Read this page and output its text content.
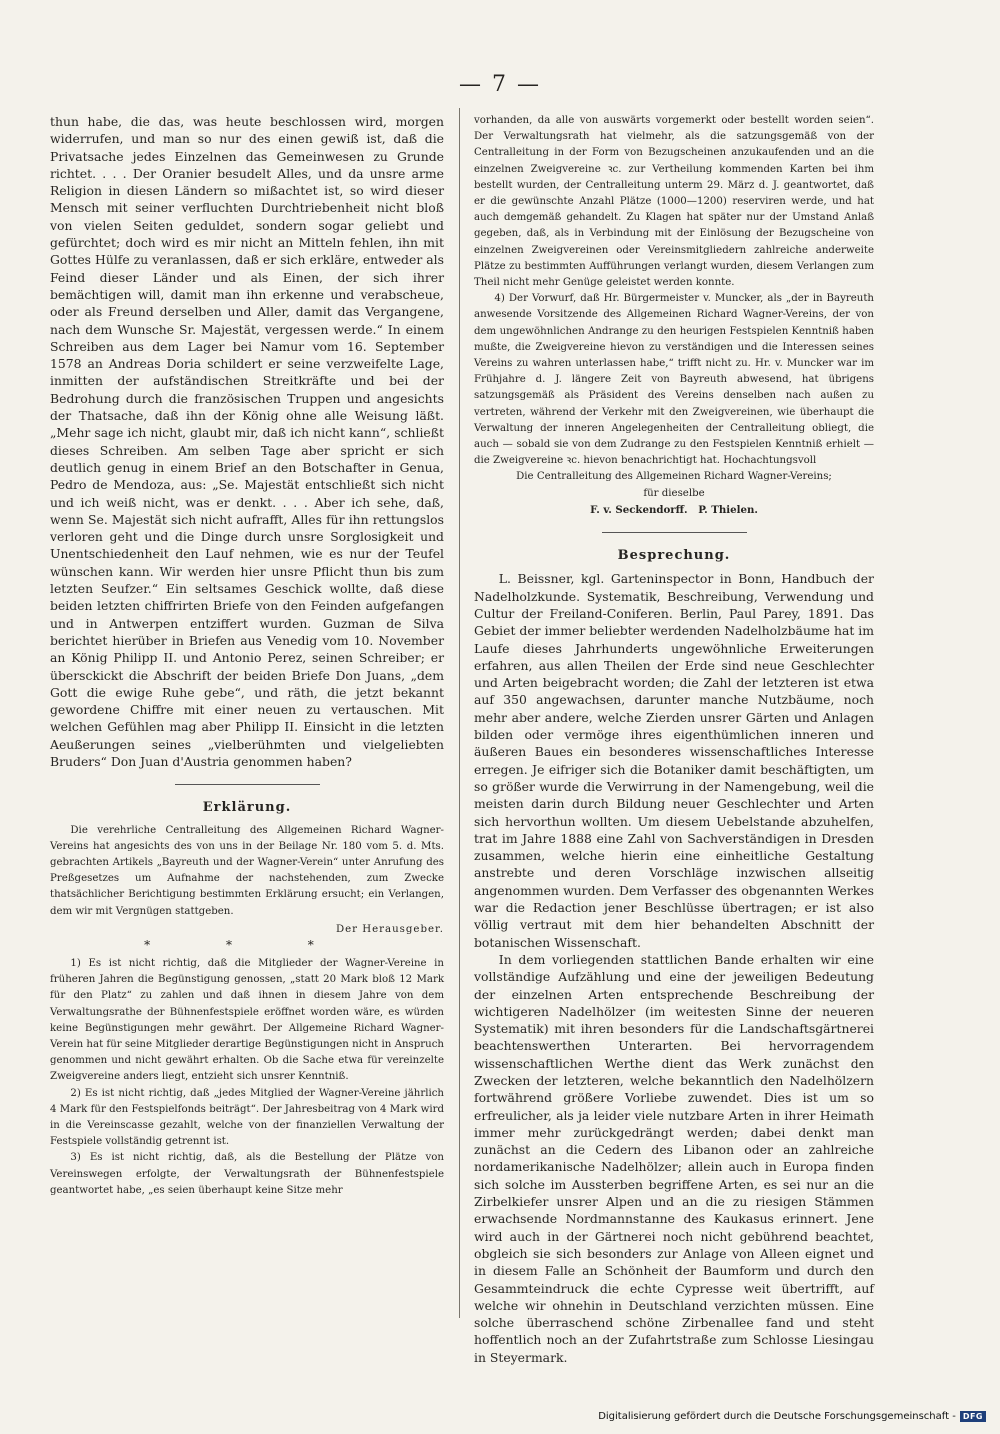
— 7 —

thun habe, die das, was heute beschlossen wird, morgen widerrufen, und man so nur des einen gewiß ist, daß die Privatsache jedes Einzelnen das Gemeinwesen zu Grunde richtet. . . . Der Oranier besudelt Alles, und da unsre arme Religion in diesen Ländern so mißachtet ist, so wird dieser Mensch mit seiner verfluchten Durchtriebenheit nicht bloß von vielen Seiten geduldet, sondern sogar geliebt und gefürchtet; doch wird es mir nicht an Mitteln fehlen, ihn mit Gottes Hülfe zu veranlassen, daß er sich erkläre, entweder als Feind dieser Länder und als Einen, der sich ihrer bemächtigen will, damit man ihn erkenne und verabscheue, oder als Freund derselben und Aller, damit das Vergangene, nach dem Wunsche Sr. Majestät, vergessen werde.“ In einem Schreiben aus dem Lager bei Namur vom 16. September 1578 an Andreas Doria schildert er seine verzweifelte Lage, inmitten der aufständischen Streitkräfte und bei der Bedrohung durch die französischen Truppen und angesichts der Thatsache, daß ihn der König ohne alle Weisung läßt. „Mehr sage ich nicht, glaubt mir, daß ich nicht kann“, schließt dieses Schreiben. Am selben Tage aber spricht er sich deutlich genug in einem Brief an den Botschafter in Genua, Pedro de Mendoza, aus: „Se. Majestät entschließt sich nicht und ich weiß nicht, was er denkt. . . . Aber ich sehe, daß, wenn Se. Majestät sich nicht aufrafft, Alles für ihn rettungslos verloren geht und die Dinge durch unsre Sorglosigkeit und Unentschiedenheit den Lauf nehmen, wie es nur der Teufel wünschen kann. Wir werden hier unsre Pflicht thun bis zum letzten Seufzer.“ Ein seltsames Geschick wollte, daß diese beiden letzten chiffrirten Briefe von den Feinden aufgefangen und in Antwerpen entziffert wurden. Guzman de Silva berichtet hierüber in Briefen aus Venedig vom 10. November an König Philipp II. und Antonio Perez, seinen Schreiber; er übersckickt die Abschrift der beiden Briefe Don Juans, „dem Gott die ewige Ruhe gebe“, und räth, die jetzt bekannt gewordene Chiffre mit einer neuen zu vertauschen. Mit welchen Gefühlen mag aber Philipp II. Einsicht in die letzten Aeußerungen seines „vielberühmten und vielgeliebten Bruders“ Don Juan d'Austria genommen haben?

Erklärung.

Die verehrliche Centralleitung des Allgemeinen Richard Wagner-Vereins hat angesichts des von uns in der Beilage Nr. 180 vom 5. d. Mts. gebrachten Artikels „Bayreuth und der Wagner-Verein“ unter Anrufung des Preßgesetzes um Aufnahme der nachstehenden, zum Zwecke thatsächlicher Berichtigung bestimmten Erklärung ersucht; ein Verlangen, dem wir mit Vergnügen stattgeben.

Der Herausgeber.

* * *

1) Es ist nicht richtig, daß die Mitglieder der Wagner-Vereine in früheren Jahren die Begünstigung genossen, „statt 20 Mark bloß 12 Mark für den Platz“ zu zahlen und daß ihnen in diesem Jahre von dem Verwaltungsrathe der Bühnenfestspiele eröffnet worden wäre, es würden keine Begünstigungen mehr gewährt. Der Allgemeine Richard Wagner-Verein hat für seine Mitglieder derartige Begünstigungen nicht in Anspruch genommen und nicht gewährt erhalten. Ob die Sache etwa für vereinzelte Zweigvereine anders liegt, entzieht sich unsrer Kenntniß.

2) Es ist nicht richtig, daß „jedes Mitglied der Wagner-Vereine jährlich 4 Mark für den Festspielfonds beiträgt“. Der Jahresbeitrag von 4 Mark wird in die Vereinscasse gezahlt, welche von der finanziellen Verwaltung der Festspiele vollständig getrennt ist.

3) Es ist nicht richtig, daß, als die Bestellung der Plätze von Vereinswegen erfolgte, der Verwaltungsrath der Bühnenfestspiele geantwortet habe, „es seien überhaupt keine Sitze mehr

vorhanden, da alle von auswärts vorgemerkt oder bestellt worden seien“. Der Verwaltungsrath hat vielmehr, als die satzungsgemäß von der Centralleitung in der Form von Bezugscheinen anzukaufenden und an die einzelnen Zweigvereine ꝛc. zur Vertheilung kommenden Karten bei ihm bestellt wurden, der Centralleitung unterm 29. März d. J. geantwortet, daß er die gewünschte Anzahl Plätze (1000—1200) reserviren werde, und hat auch demgemäß gehandelt. Zu Klagen hat später nur der Umstand Anlaß gegeben, daß, als in Verbindung mit der Einlösung der Bezugscheine von einzelnen Zweigvereinen oder Vereinsmitgliedern zahlreiche anderweite Plätze zu bestimmten Aufführungen verlangt wurden, diesem Verlangen zum Theil nicht mehr Genüge geleistet werden konnte.

4) Der Vorwurf, daß Hr. Bürgermeister v. Muncker, als „der in Bayreuth anwesende Vorsitzende des Allgemeinen Richard Wagner-Vereins, der von dem ungewöhnlichen Andrange zu den heurigen Festspielen Kenntniß haben mußte, die Zweigvereine hievon zu verständigen und die Interessen seines Vereins zu wahren unterlassen habe,“ trifft nicht zu. Hr. v. Muncker war im Frühjahre d. J. längere Zeit von Bayreuth abwesend, hat übrigens satzungsgemäß als Präsident des Vereins denselben nach außen zu vertreten, während der Verkehr mit den Zweigvereinen, wie überhaupt die Verwaltung der inneren Angelegenheiten der Centralleitung obliegt, die auch — sobald sie von dem Zudrange zu den Festspielen Kenntniß erhielt — die Zweigvereine ꝛc. hievon benachrichtigt hat. Hochachtungsvoll

Die Centralleitung des Allgemeinen Richard Wagner-Vereins;

für dieselbe

F. v. Seckendorff.   P. Thielen.

Besprechung.

L. Beissner, kgl. Garteninspector in Bonn, Handbuch der Nadelholzkunde. Systematik, Beschreibung, Verwendung und Cultur der Freiland-Coniferen. Berlin, Paul Parey, 1891. Das Gebiet der immer beliebter werdenden Nadelholzbäume hat im Laufe dieses Jahrhunderts ungewöhnliche Erweiterungen erfahren, aus allen Theilen der Erde sind neue Geschlechter und Arten beigebracht worden; die Zahl der letzteren ist etwa auf 350 angewachsen, darunter manche Nutzbäume, noch mehr aber andere, welche Zierden unsrer Gärten und Anlagen bilden oder vermöge ihres eigenthümlichen inneren und äußeren Baues ein besonderes wissenschaftliches Interesse erregen. Je eifriger sich die Botaniker damit beschäftigten, um so größer wurde die Verwirrung in der Namengebung, weil die meisten darin durch Bildung neuer Geschlechter und Arten sich hervorthun wollten. Um diesem Uebelstande abzuhelfen, trat im Jahre 1888 eine Zahl von Sachverständigen in Dresden zusammen, welche hierin eine einheitliche Gestaltung anstrebte und deren Vorschläge inzwischen allseitig angenommen wurden. Dem Verfasser des obgenannten Werkes war die Redaction jener Beschlüsse übertragen; er ist also völlig vertraut mit dem hier behandelten Abschnitt der botanischen Wissenschaft.

In dem vorliegenden stattlichen Bande erhalten wir eine vollständige Aufzählung und eine der jeweiligen Bedeutung der einzelnen Arten entsprechende Beschreibung der wichtigeren Nadelhölzer (im weitesten Sinne der neueren Systematik) mit ihren besonders für die Landschaftsgärtnerei beachtenswerthen Unterarten. Bei hervorragendem wissenschaftlichen Werthe dient das Werk zunächst den Zwecken der letzteren, welche bekanntlich den Nadelhölzern fortwährend größere Vorliebe zuwendet. Dies ist um so erfreulicher, als ja leider viele nutzbare Arten in ihrer Heimath immer mehr zurückgedrängt werden; dabei denkt man zunächst an die Cedern des Libanon oder an zahlreiche nordamerikanische Nadelhölzer; allein auch in Europa finden sich solche im Aussterben begriffene Arten, es sei nur an die Zirbelkiefer unsrer Alpen und an die zu riesigen Stämmen erwachsende Nordmannstanne des Kaukasus erinnert. Jene wird auch in der Gärtnerei noch nicht gebührend beachtet, obgleich sie sich besonders zur Anlage von Alleen eignet und in diesem Falle an Schönheit der Baumform und durch den Gesammteindruck die echte Cypresse weit übertrifft, auf welche wir ohnehin in Deutschland verzichten müssen. Eine solche überraschend schöne Zirbenallee fand und steht hoffentlich noch an der Zufahrtstraße zum Schlosse Liesingau in Steyermark.

Digitalisierung gefördert durch die Deutsche Forschungsgemeinschaft - DFG
